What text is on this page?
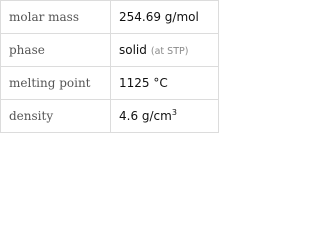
molar mass	254.69 g/mol
phase	solid (at STP)
melting point	1125 °C
density	4.6 $g/cm^3$
